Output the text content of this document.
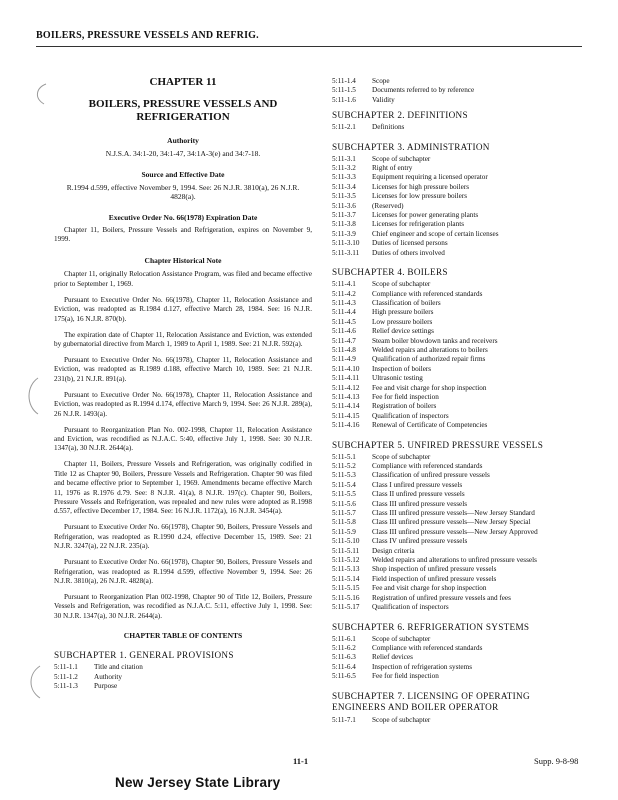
BOILERS, PRESSURE VESSELS AND REFRIG.
CHAPTER 11
BOILERS, PRESSURE VESSELS AND REFRIGERATION
Authority
N.J.S.A. 34:1-20, 34:1-47, 34:1A-3(e) and 34:7-18.
Source and Effective Date
R.1994 d.599, effective November 9, 1994. See: 26 N.J.R. 3810(a), 26 N.J.R. 4828(a).
Executive Order No. 66(1978) Expiration Date
Chapter 11, Boilers, Pressure Vessels and Refrigeration, expires on November 9, 1999.
Chapter Historical Note
Chapter 11, originally Relocation Assistance Program, was filed and became effective prior to September 1, 1969.
Pursuant to Executive Order No. 66(1978), Chapter 11, Relocation Assistance and Eviction, was readopted as R.1984 d.127, effective March 28, 1984. See: 16 N.J.R. 175(a), 16 N.J.R. 870(b).
The expiration date of Chapter 11, Relocation Assistance and Eviction, was extended by gubernatorial directive from March 1, 1989 to April 1, 1989. See: 21 N.J.R. 592(a).
Pursuant to Executive Order No. 66(1978), Chapter 11, Relocation Assistance and Eviction, was readopted as R.1989 d.188, effective March 10, 1989. See: 21 N.J.R. 231(b), 21 N.J.R. 891(a).
Pursuant to Executive Order No. 66(1978), Chapter 11, Relocation Assistance and Eviction, was readopted as R.1994 d.174, effective March 9, 1994. See: 26 N.J.R. 289(a), 26 N.J.R. 1493(a).
Pursuant to Reorganization Plan No. 002-1998, Chapter 11, Relocation Assistance and Eviction, was recodified as N.J.A.C. 5:40, effective July 1, 1998. See: 30 N.J.R. 1347(a), 30 N.J.R. 2644(a).
Chapter 11, Boilers, Pressure Vessels and Refrigeration, was originally codified in Title 12 as Chapter 90, Boilers, Pressure Vessels and Refrigeration. Chapter 90 was filed and became effective prior to September 1, 1969. Amendments became effective March 11, 1976 as R.1976 d.79. See: 8 N.J.R. 41(a), 8 N.J.R. 197(c). Chapter 90, Boilers, Pressure Vessels and Refrigeration, was repealed and new rules were adopted as R.1998 d.557, effective December 17, 1984. See: 16 N.J.R. 1172(a), 16 N.J.R. 3454(a).
Pursuant to Executive Order No. 66(1978), Chapter 90, Boilers, Pressure Vessels and Refrigeration, was readopted as R.1990 d.24, effective December 15, 1989. See: 21 N.J.R. 3247(a), 22 N.J.R. 235(a).
Pursuant to Executive Order No. 66(1978), Chapter 90, Boilers, Pressure Vessels and Refrigeration, was readopted as R.1994 d.599, effective November 9, 1994. See: 26 N.J.R. 3810(a), 26 N.J.R. 4828(a).
Pursuant to Reorganization Plan 002-1998, Chapter 90 of Title 12, Boilers, Pressure Vessels and Refrigeration, was recodified as N.J.A.C. 5:11, effective July 1, 1998. See: 30 N.J.R. 1347(a), 30 N.J.R. 2644(a).
CHAPTER TABLE OF CONTENTS
SUBCHAPTER 1. GENERAL PROVISIONS
5:11-1.1	Title and citation
5:11-1.2	Authority
5:11-1.3	Purpose
5:11-1.4	Scope
5:11-1.5	Documents referred to by reference
5:11-1.6	Validity
SUBCHAPTER 2. DEFINITIONS
5:11-2.1	Definitions
SUBCHAPTER 3. ADMINISTRATION
5:11-3.1	Scope of subchapter
5:11-3.2	Right of entry
5:11-3.3	Equipment requiring a licensed operator
5:11-3.4	Licenses for high pressure boilers
5:11-3.5	Licenses for low pressure boilers
5:11-3.6	(Reserved)
5:11-3.7	Licenses for power generating plants
5:11-3.8	Licenses for refrigeration plants
5:11-3.9	Chief engineer and scope of certain licenses
5:11-3.10	Duties of licensed persons
5:11-3.11	Duties of others involved
SUBCHAPTER 4. BOILERS
5:11-4.1	Scope of subchapter
5:11-4.2	Compliance with referenced standards
5:11-4.3	Classification of boilers
5:11-4.4	High pressure boilers
5:11-4.5	Low pressure boilers
5:11-4.6	Relief device settings
5:11-4.7	Steam boiler blowdown tanks and receivers
5:11-4.8	Welded repairs and alterations to boilers
5:11-4.9	Qualification of authorized repair firms
5:11-4.10	Inspection of boilers
5:11-4.11	Ultrasonic testing
5:11-4.12	Fee and visit charge for shop inspection
5:11-4.13	Fee for field inspection
5:11-4.14	Registration of boilers
5:11-4.15	Qualification of inspectors
5:11-4.16	Renewal of Certificate of Competencies
SUBCHAPTER 5. UNFIRED PRESSURE VESSELS
5:11-5.1	Scope of subchapter
5:11-5.2	Compliance with referenced standards
5:11-5.3	Classification of unfired pressure vessels
5:11-5.4	Class I unfired pressure vessels
5:11-5.5	Class II unfired pressure vessels
5:11-5.6	Class III unfired pressure vessels
5:11-5.7	Class III unfired pressure vessels—New Jersey Standard
5:11-5.8	Class III unfired pressure vessels—New Jersey Special
5:11-5.9	Class III unfired pressure vessels—New Jersey Approved
5:11-5.10	Class IV unfired pressure vessels
5:11-5.11	Design criteria
5:11-5.12	Welded repairs and alterations to unfired pressure vessels
5:11-5.13	Shop inspection of unfired pressure vessels
5:11-5.14	Field inspection of unfired pressure vessels
5:11-5.15	Fee and visit charge for shop inspection
5:11-5.16	Registration of unfired pressure vessels and fees
5:11-5.17	Qualification of inspectors
SUBCHAPTER 6. REFRIGERATION SYSTEMS
5:11-6.1	Scope of subchapter
5:11-6.2	Compliance with referenced standards
5:11-6.3	Relief devices
5:11-6.4	Inspection of refrigeration systems
5:11-6.5	Fee for field inspection
SUBCHAPTER 7. LICENSING OF OPERATING ENGINEERS AND BOILER OPERATOR
5:11-7.1	Scope of subchapter
11-1	Supp. 9-8-98
New Jersey State Library
